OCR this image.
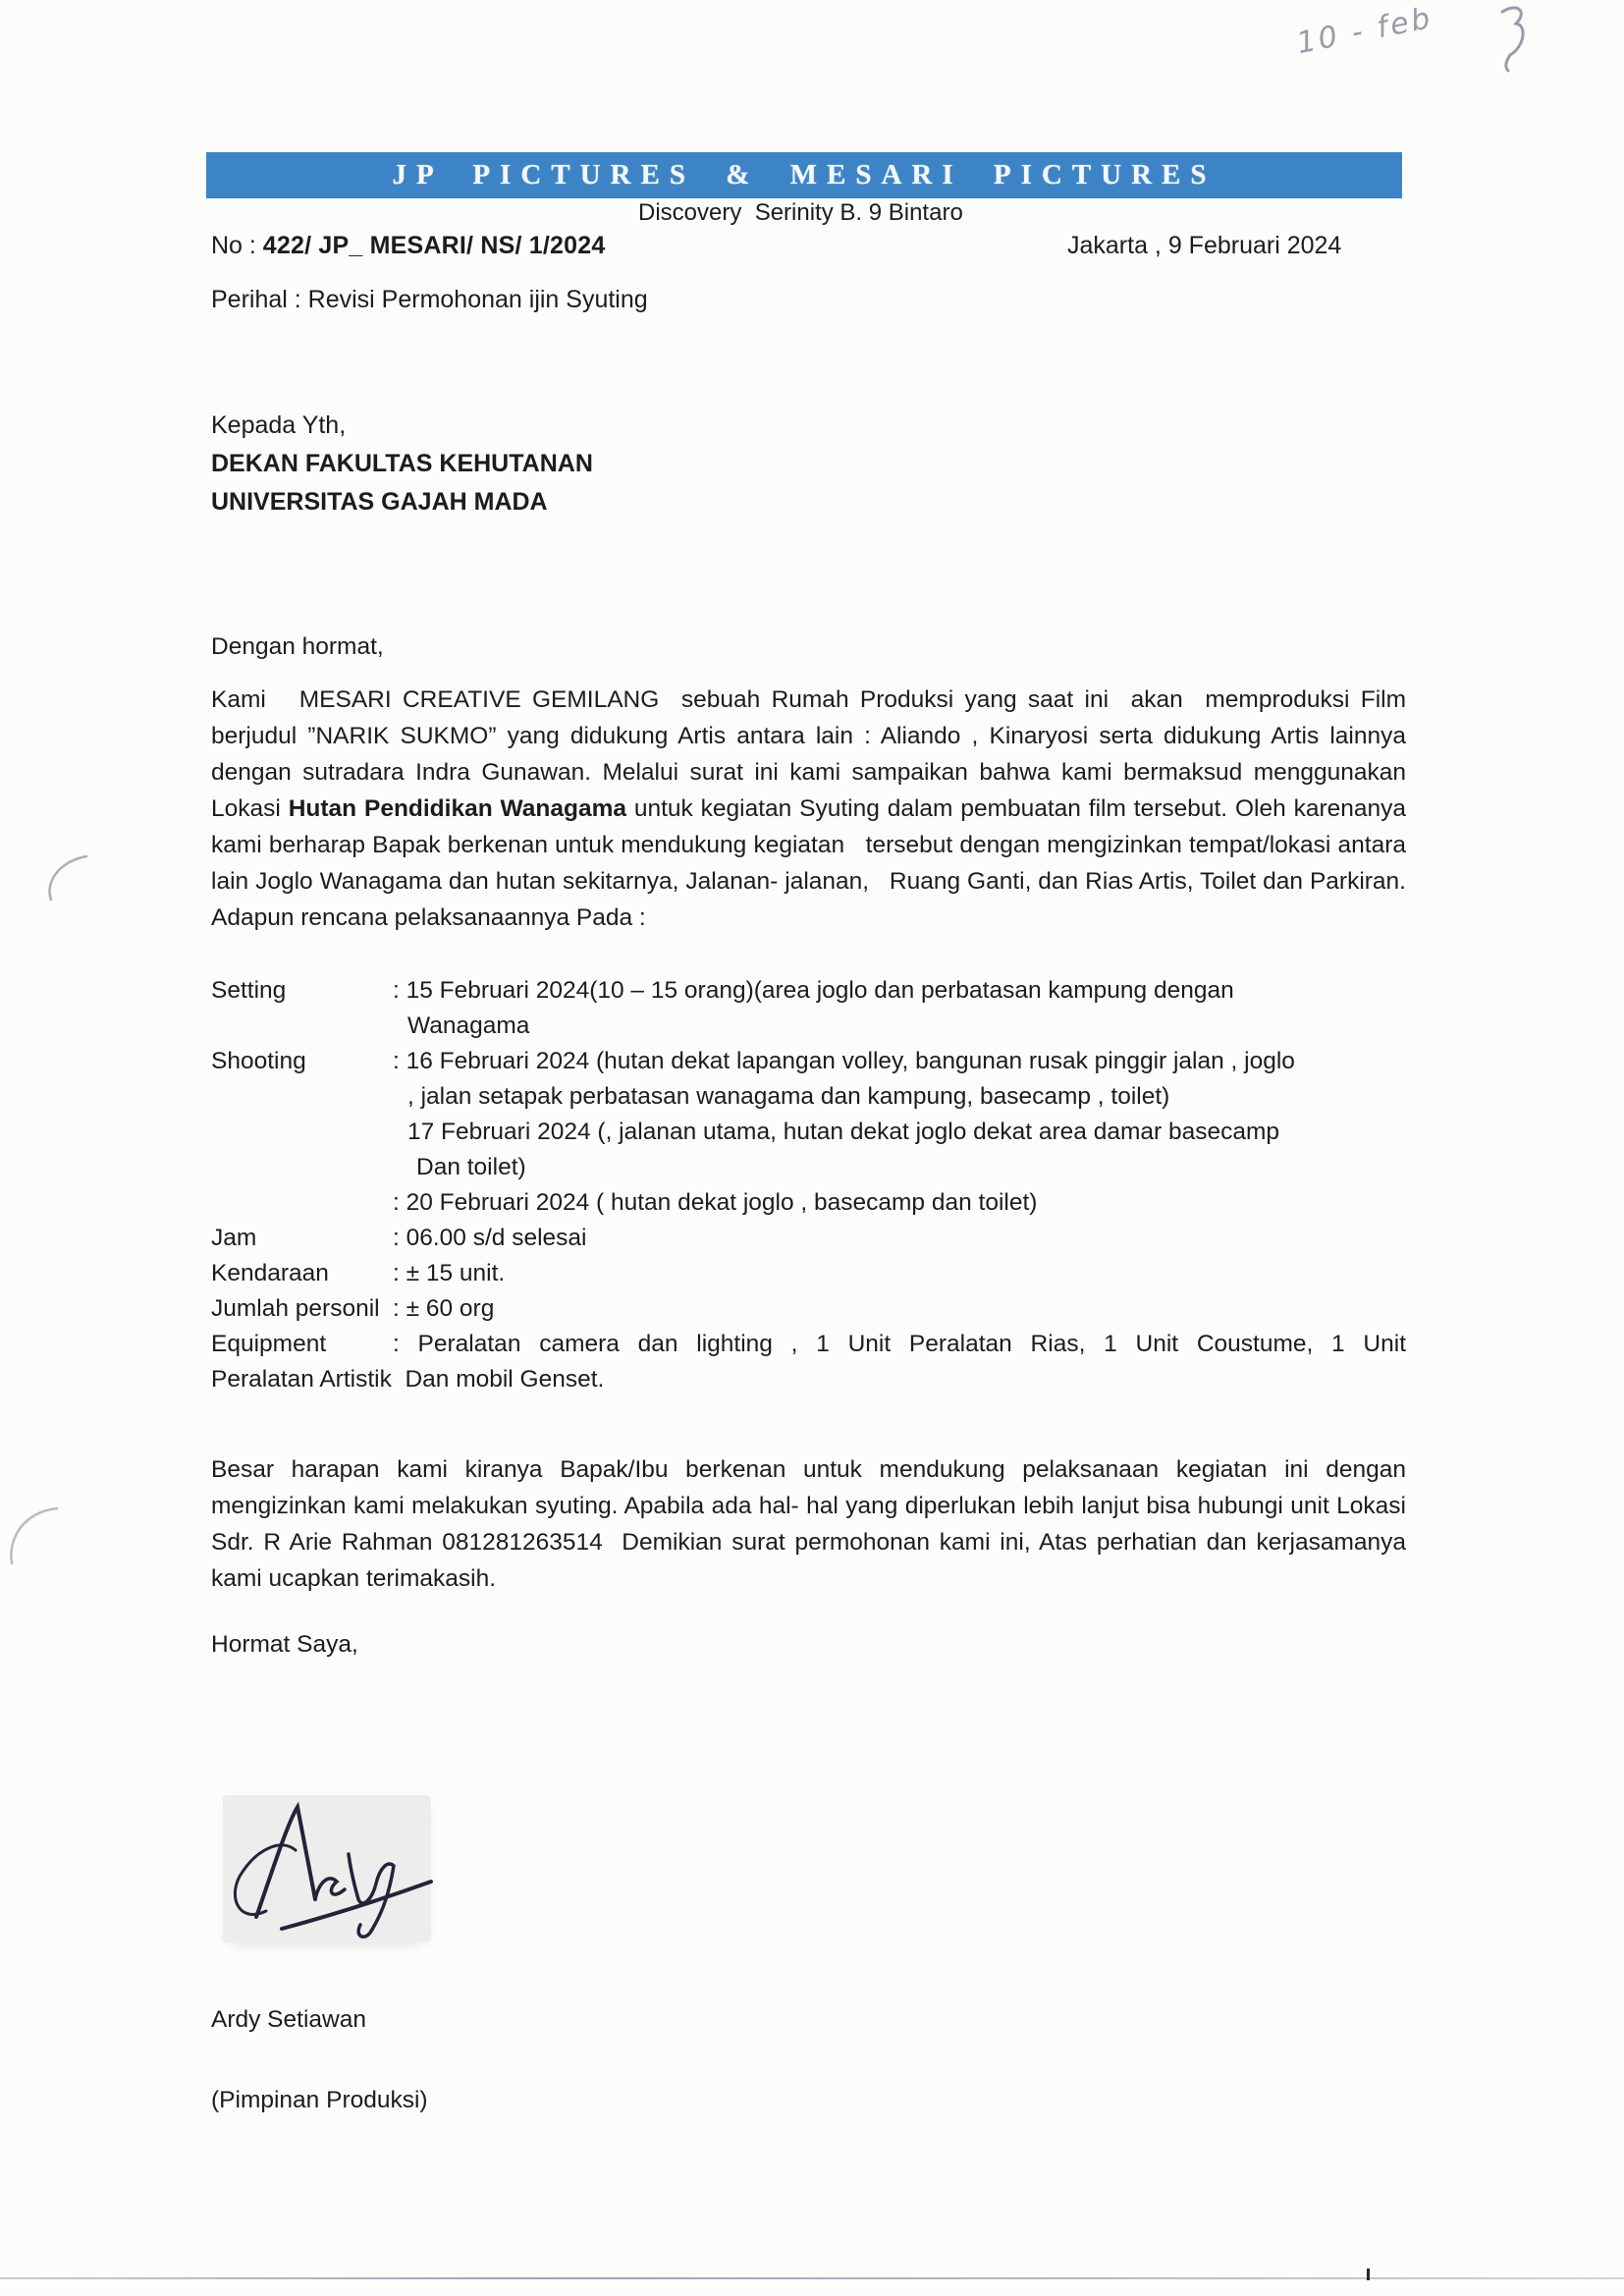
10 - feb
JP PICTURES & MESARI PICTURES
Discovery  Serinity B. 9 Bintaro
No : 422/ JP_ MESARI/ NS/ 1/2024	Jakarta , 9 Februari 2024
Perihal : Revisi Permohonan ijin Syuting
Kepada Yth,
DEKAN FAKULTAS KEHUTANAN
UNIVERSITAS GAJAH MADA

Dengan hormat,

Kami   MESARI CREATIVE GEMILANG  sebuah Rumah Produksi yang saat ini  akan  memproduksi Film berjudul ”NARIK SUKMO” yang didukung Artis antara lain : Aliando , Kinaryosi serta didukung Artis lainnya dengan sutradara Indra Gunawan. Melalui surat ini kami sampaikan bahwa kami bermaksud menggunakan Lokasi Hutan Pendidikan Wanagama untuk kegiatan Syuting dalam pembuatan film tersebut. Oleh karenanya kami berharap Bapak berkenan untuk mendukung kegiatan   tersebut dengan mengizinkan tempat/lokasi antara lain Joglo Wanagama dan hutan sekitarnya, Jalanan- jalanan,   Ruang Ganti, dan Rias Artis, Toilet dan Parkiran. Adapun rencana pelaksanaannya Pada :

Setting	: 15 Februari 2024(10 – 15 orang)(area joglo dan perbatasan kampung dengan
Wanagama
Shooting	: 16 Februari 2024 (hutan dekat lapangan volley, bangunan rusak pinggir jalan , joglo
, jalan setapak perbatasan wanagama dan kampung, basecamp , toilet)
17 Februari 2024 (, jalanan utama, hutan dekat joglo dekat area damar basecamp
Dan toilet)
: 20 Februari 2024 ( hutan dekat joglo , basecamp dan toilet)
Jam	: 06.00 s/d selesai
Kendaraan	: ± 15 unit.
Jumlah personil : ± 60 org
Equipment	: Peralatan camera dan lighting , 1 Unit Peralatan Rias, 1 Unit Coustume, 1 Unit
Peralatan Artistik  Dan mobil Genset.

Besar harapan kami kiranya Bapak/Ibu berkenan untuk mendukung pelaksanaan kegiatan ini dengan mengizinkan kami melakukan syuting. Apabila ada hal- hal yang diperlukan lebih lanjut bisa hubungi unit Lokasi Sdr. R Arie Rahman 081281263514  Demikian surat permohonan kami ini, Atas perhatian dan kerjasamanya kami ucapkan terimakasih.

Hormat Saya,

Ardy Setiawan

(Pimpinan Produksi)
